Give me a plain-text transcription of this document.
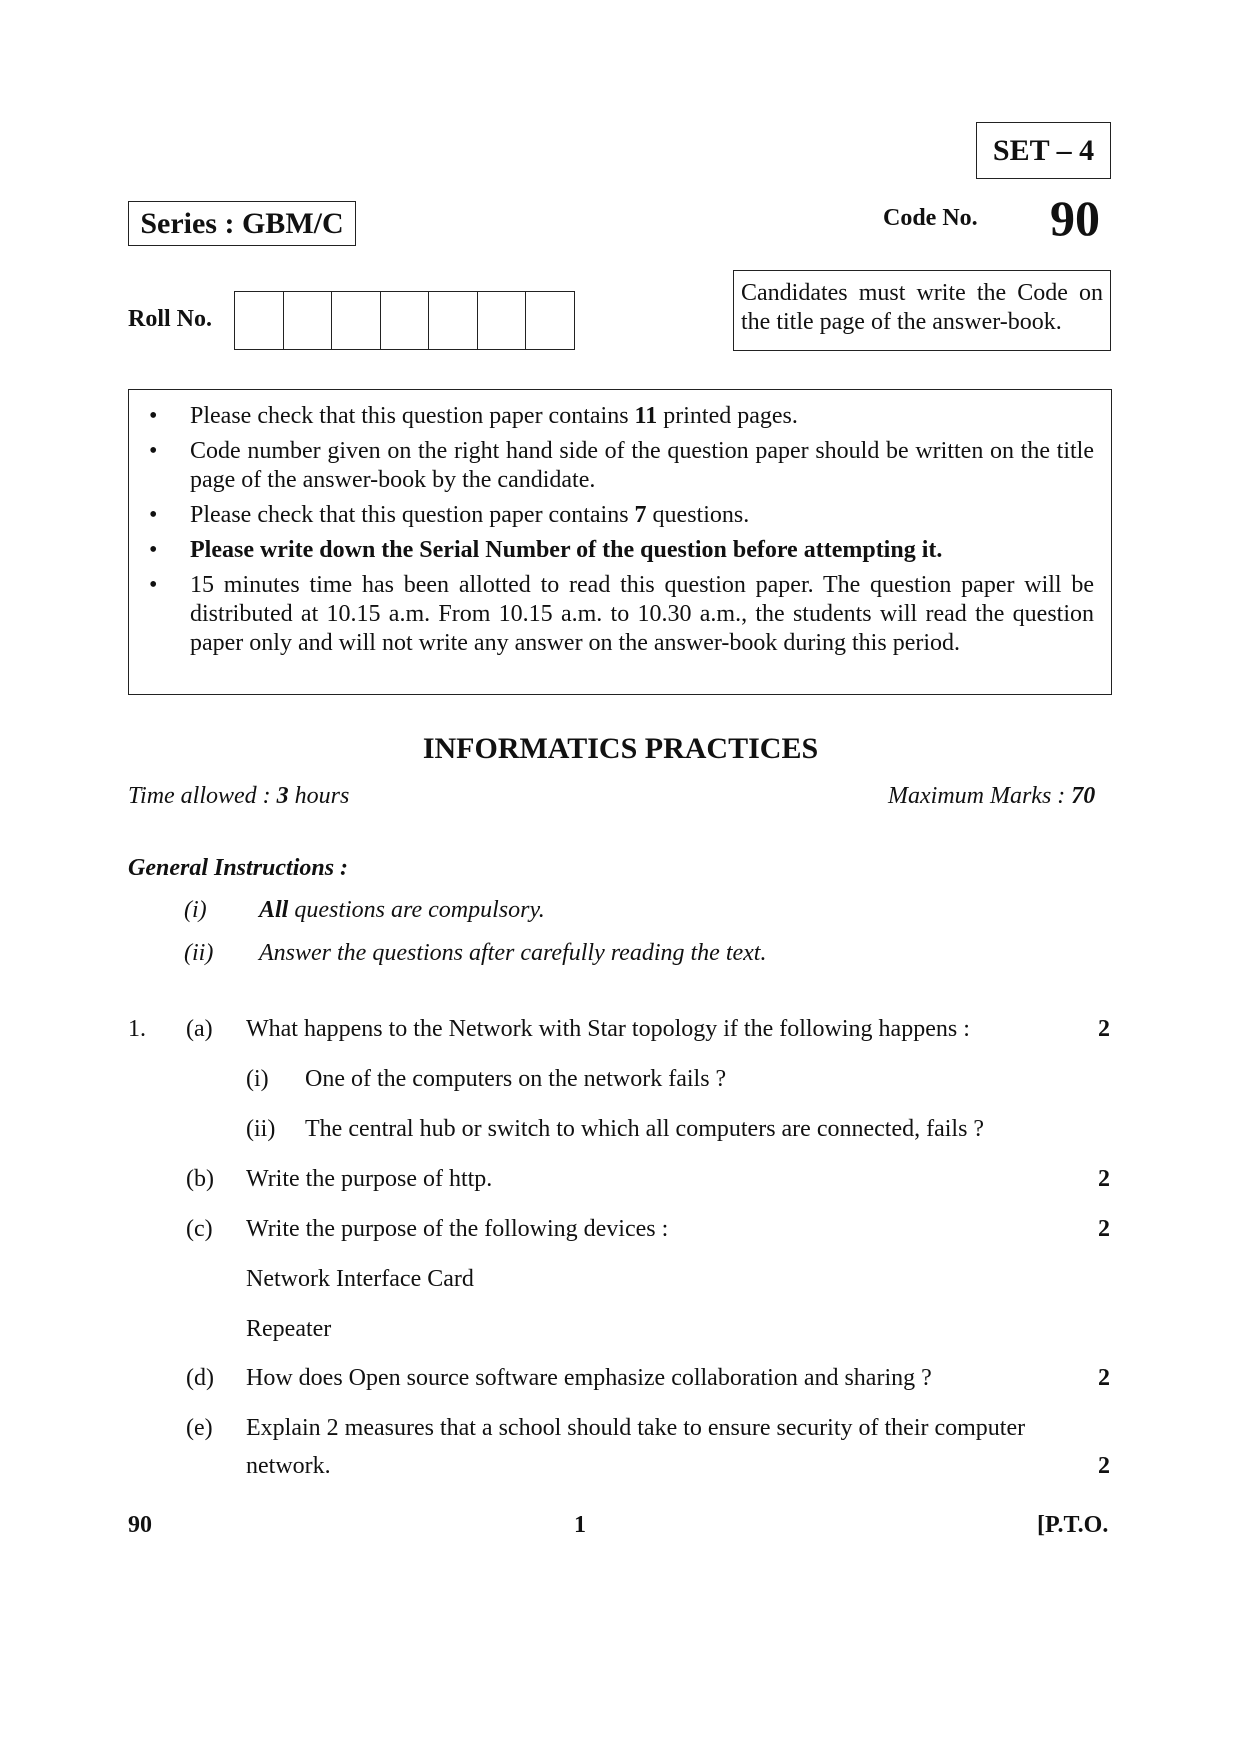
SET – 4
Series : GBM/C	Code No. 90
Roll No.
Candidates must write the Code on the title page of the answer-book.
• Please check that this question paper contains 11 printed pages.
• Code number given on the right hand side of the question paper should be written on the title page of the answer-book by the candidate.
• Please check that this question paper contains 7 questions.
• Please write down the Serial Number of the question before attempting it.
• 15 minutes time has been allotted to read this question paper. The question paper will be distributed at 10.15 a.m. From 10.15 a.m. to 10.30 a.m., the students will read the question paper only and will not write any answer on the answer-book during this period.
INFORMATICS PRACTICES
Time allowed : 3 hours	Maximum Marks : 70
General Instructions :
(i) All questions are compulsory.
(ii) Answer the questions after carefully reading the text.
1. (a) What happens to the Network with Star topology if the following happens :	2
(i) One of the computers on the network fails ?
(ii) The central hub or switch to which all computers are connected, fails ?
(b) Write the purpose of http.	2
(c) Write the purpose of the following devices :	2
Network Interface Card
Repeater
(d) How does Open source software emphasize collaboration and sharing ?	2
(e) Explain 2 measures that a school should take to ensure security of their computer
network.	2
90	1	[P.T.O.
